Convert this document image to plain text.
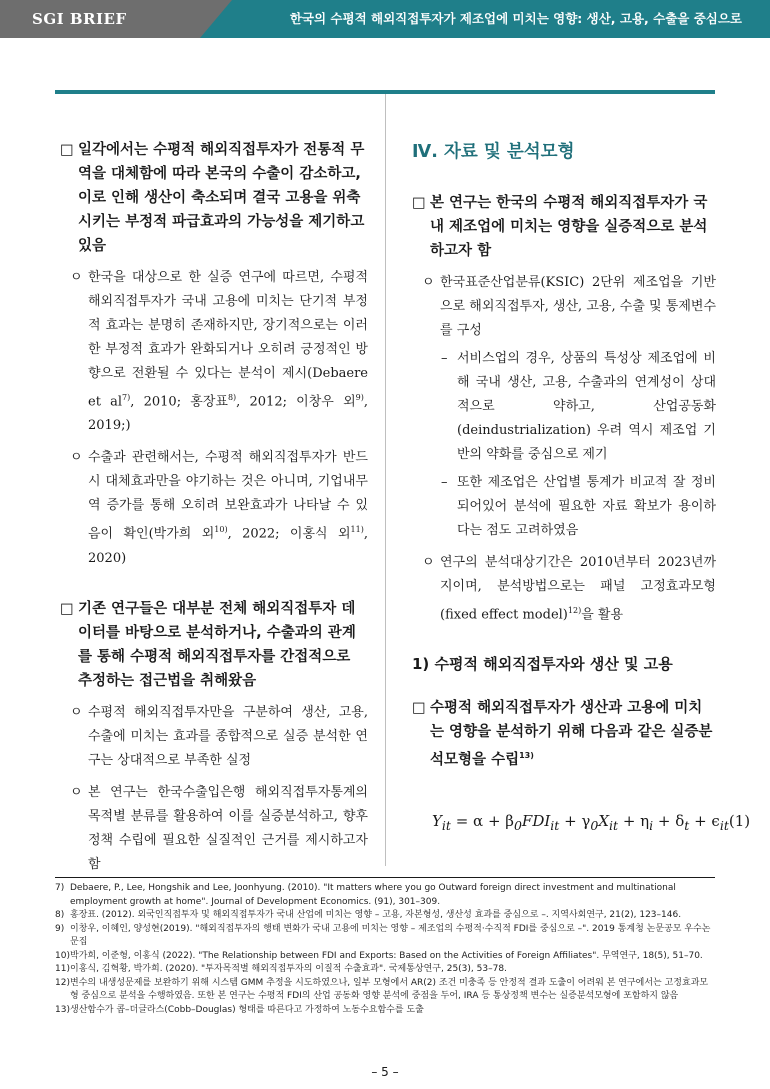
SGI BRIEF	한국의 수평적 해외직접투자가 제조업에 미치는 영향: 생산, 고용, 수출을 중심으로

□ 일각에서는 수평적 해외직접투자가 전통적 무역을 대체함에 따라 본국의 수출이 감소하고, 이로 인해 생산이 축소되며 결국 고용을 위축시키는 부정적 파급효과의 가능성을 제기하고 있음

ㅇ 한국을 대상으로 한 실증 연구에 따르면, 수평적 해외직접투자가 국내 고용에 미치는 단기적 부정적 효과는 분명히 존재하지만, 장기적으로는 이러한 부정적 효과가 완화되거나 오히려 긍정적인 방향으로 전환될 수 있다는 분석이 제시(Debaere et $al^{7)}$, 2010; 홍장표$^{8)}$, 2012; 이창우 외$^{9)}$, 2019;)

ㅇ 수출과 관련해서는, 수평적 해외직접투자가 반드시 대체효과만을 야기하는 것은 아니며, 기업내무역 증가를 통해 오히려 보완효과가 나타날 수 있음이 확인(박가희 외$^{10)}$, 2022; 이홍식 외$^{11)}$, 2020)

□ 기존 연구들은 대부분 전체 해외직접투자 데이터를 바탕으로 분석하거나, 수출과의 관계를 통해 수평적 해외직접투자를 간접적으로 추정하는 접근법을 취해왔음

ㅇ 수평적 해외직접투자만을 구분하여 생산, 고용, 수출에 미치는 효과를 종합적으로 실증 분석한 연구는 상대적으로 부족한 실정

ㅇ 본 연구는 한국수출입은행 해외직접투자통계의 목적별 분류를 활용하여 이를 실증분석하고, 향후 정책 수립에 필요한 실질적인 근거를 제시하고자 함

Ⅳ. 자료 및 분석모형

□ 본 연구는 한국의 수평적 해외직접투자가 국내 제조업에 미치는 영향을 실증적으로 분석하고자 함

ㅇ 한국표준산업분류(KSIC) 2단위 제조업을 기반으로 해외직접투자, 생산, 고용, 수출 및 통제변수를 구성

– 서비스업의 경우, 상품의 특성상 제조업에 비해 국내 생산, 고용, 수출과의 연계성이 상대적으로 약하고, 산업공동화(deindustrialization) 우려 역시 제조업 기반의 약화를 중심으로 제기

– 또한 제조업은 산업별 통계가 비교적 잘 정비되어있어 분석에 필요한 자료 확보가 용이하다는 점도 고려하였음

ㅇ 연구의 분석대상기간은 2010년부터 2023년까지이며, 분석방법으로는 패널 고정효과모형(fixed effect model)$^{12)}$을 활용

1) 수평적 해외직접투자와 생산 및 고용

□ 수평적 해외직접투자가 생산과 고용에 미치는 영향을 분석하기 위해 다음과 같은 실증분석모형을 수립$^{13)}$

$Y_{it} = \alpha + \beta_0FDI_{it} + \gamma_0X_{it} + \eta_i + \delta_t + \epsilon_{it}(1)$

7) Debaere, P., Lee, Hongshik and Lee, Joonhyung. (2010). "It matters where you go Outward foreign direct investment and multinational employment growth at home". Journal of Development Economics. (91), 301–309.

8) 홍장표. (2012). 외국인직접투자 및 해외직접투자가 국내 산업에 미치는 영향 – 고용, 자본형성, 생산성 효과를 중심으로 –. 지역사회연구, 21(2), 123–146.

9) 이창우, 이혜인, 양성현(2019). "해외직접투자의 행태 변화가 국내 고용에 미치는 영향 – 제조업의 수평적·수직적 FDI를 중심으로 –". 2019 통계청 논문공모 우수논문집

10) 박가희, 이준형, 이홍식 (2022). "The Relationship between FDI and Exports: Based on the Activities of Foreign Affiliates". 무역연구, 18(5), 51–70.

11) 이홍식, 김혁황, 박가희. (2020). "투자목적별 해외직접투자의 이질적 수출효과". 국제통상연구, 25(3), 53–78.

12) 변수의 내생성문제를 보완하기 위해 시스템 GMM 추정을 시도하였으나, 일부 모형에서 AR(2) 조건 미충족 등 안정적 결과 도출이 어려워 본 연구에서는 고정효과모형 중심으로 분석을 수행하였음. 또한 본 연구는 수평적 FDI의 산업 공동화 영향 분석에 중점을 두어, IRA 등 통상정책 변수는 실증분석모형에 포함하지 않음

13) 생산함수가 콥–더글라스(Cobb–Douglas) 형태를 따른다고 가정하여 노동수요함수를 도출

– 5 –
